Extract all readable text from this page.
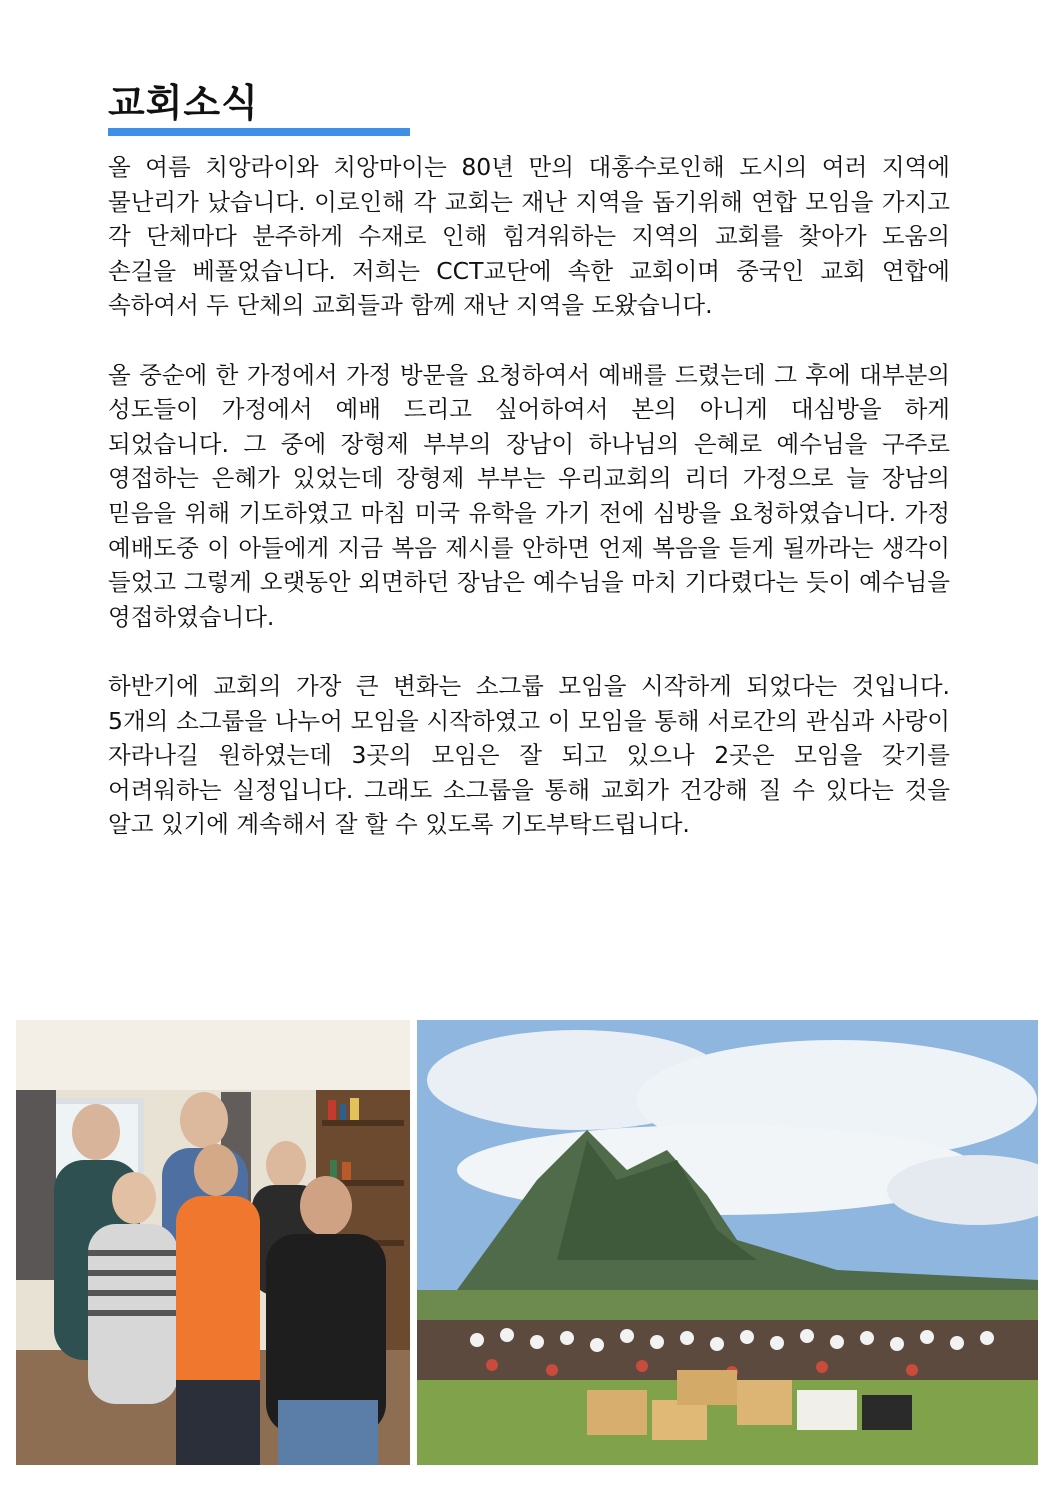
교회소식

올 여름 치앙라이와 치앙마이는 80년 만의 대홍수로인해 도시의 여러 지역에 물난리가 났습니다. 이로인해 각 교회는 재난 지역을 돕기위해 연합 모임을 가지고 각 단체마다 분주하게 수재로 인해 힘겨워하는 지역의 교회를 찾아가 도움의 손길을 베풀었습니다. 저희는 CCT교단에 속한 교회이며 중국인 교회 연합에 속하여서 두 단체의 교회들과 함께 재난 지역을 도왔습니다.

올 중순에 한 가정에서 가정 방문을 요청하여서 예배를 드렸는데 그 후에 대부분의 성도들이 가정에서 예배 드리고 싶어하여서 본의 아니게 대심방을 하게 되었습니다. 그 중에 장형제 부부의 장남이 하나님의 은혜로 예수님을 구주로 영접하는 은혜가 있었는데 장형제 부부는 우리교회의 리더 가정으로 늘 장남의 믿음을 위해 기도하였고 마침 미국 유학을 가기 전에 심방을 요청하였습니다. 가정 예배도중 이 아들에게 지금 복음 제시를 안하면 언제 복음을 듣게 될까라는 생각이 들었고 그렇게 오랫동안 외면하던 장남은 예수님을 마치 기다렸다는 듯이 예수님을 영접하였습니다.

하반기에 교회의 가장 큰 변화는 소그룹 모임을 시작하게 되었다는 것입니다. 5개의 소그룹을 나누어 모임을 시작하였고 이 모임을 통해 서로간의 관심과 사랑이 자라나길 원하였는데 3곳의 모임은 잘 되고 있으나 2곳은 모임을 갖기를 어려워하는 실정입니다. 그래도 소그룹을 통해 교회가 건강해 질 수 있다는 것을 알고 있기에 계속해서 잘 할 수 있도록 기도부탁드립니다.
